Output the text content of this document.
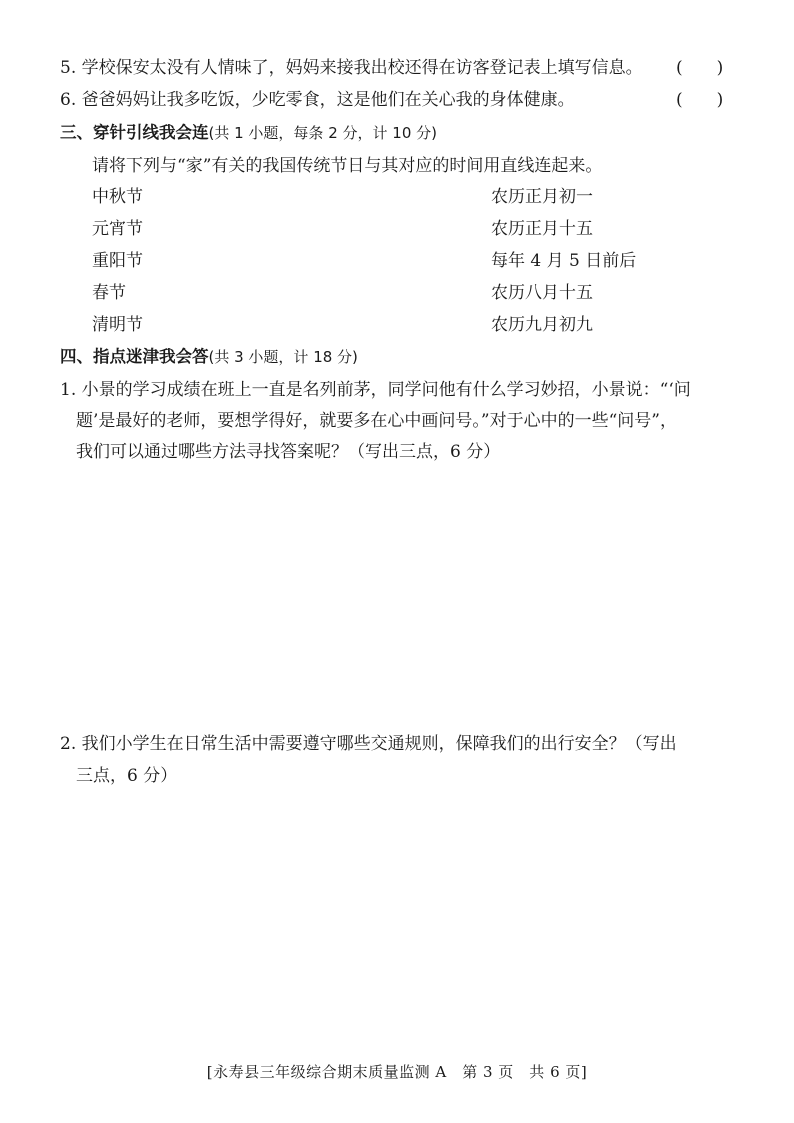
5. 学校保安太没有人情味了，妈妈来接我出校还得在访客登记表上填写信息。 (　　)
6. 爸爸妈妈让我多吃饭，少吃零食，这是他们在关心我的身体健康。	(　　)
三、穿针引线我会连(共 1 小题，每条 2 分，计 10 分)
请将下列与“家”有关的我国传统节日与其对应的时间用直线连起来。
中秋节
元宵节
重阳节
春节
清明节
农历正月初一
农历正月十五
每年 4 月 5 日前后
农历八月十五
农历九月初九
四、指点迷津我会答(共 3 小题，计 18 分)
1. 小景的学习成绩在班上一直是名列前茅，同学问他有什么学习妙招，小景说：“‘问
题’是最好的老师，要想学得好，就要多在心中画问号。”对于心中的一些“问号”，
我们可以通过哪些方法寻找答案呢？（写出三点，6 分）
2. 我们小学生在日常生活中需要遵守哪些交通规则，保障我们的出行安全？（写出
三点，6 分）
[永寿县三年级综合期末质量监测 A　第 3 页　共 6 页]
